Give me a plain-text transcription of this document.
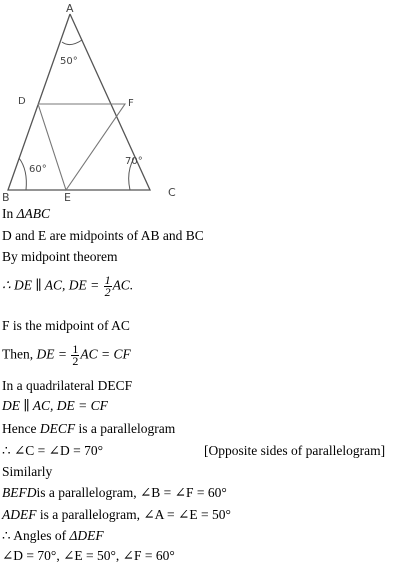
A
B	C
D
E
F
50°
60°
70°
In ΔABC
D and E are midpoints of AB and BC
By midpoint theorem
∴ DE ∥ AC, DE = $\frac{1}{2}$ AC.
F is the midpoint of AC
Then, DE = $\frac{1}{2}$ AC = CF
In a quadrilateral DECF
DE ∥ AC, DE = CF
Hence DECF is a parallelogram
∴ ∠C = ∠D = 70°	[Opposite sides of parallelogram]
Similarly
BEFDis a parallelogram, ∠B = ∠F = 60°
ADEF is a parallelogram, ∠A = ∠E = 50°
∴ Angles of ΔDEF
∠D = 70°, ∠E = 50°, ∠F = 60°
